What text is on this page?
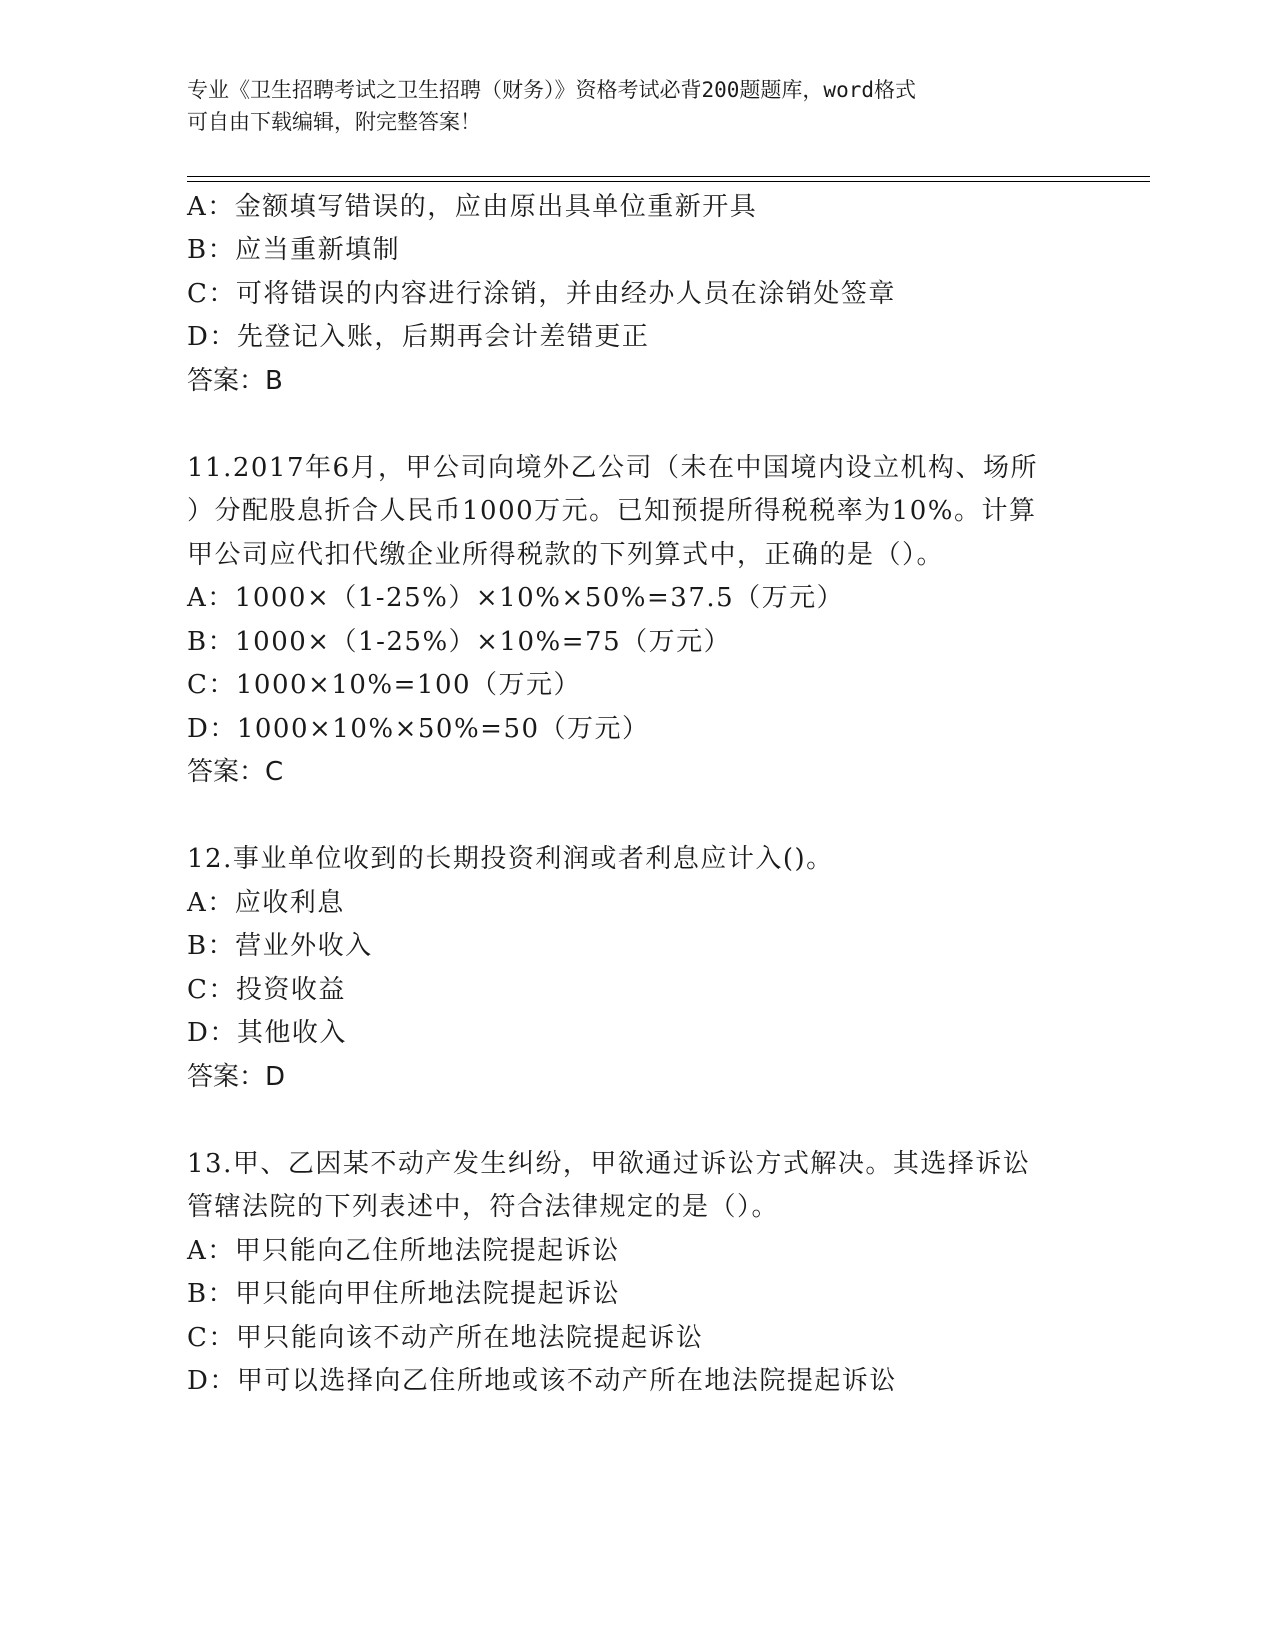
专业《卫生招聘考试之卫生招聘（财务）》资格考试必背200题题库，word格式
可自由下载编辑，附完整答案！
A：金额填写错误的，应由原出具单位重新开具
B：应当重新填制
C：可将错误的内容进行涂销，并由经办人员在涂销处签章
D：先登记入账，后期再会计差错更正
答案：B
11.2017年6月，甲公司向境外乙公司（未在中国境内设立机构、场所
）分配股息折合人民币1000万元。已知预提所得税税率为10%。计算
甲公司应代扣代缴企业所得税款的下列算式中，正确的是（）。
A：1000×（1-25%）×10%×50%=37.5（万元）
B：1000×（1-25%）×10%=75（万元）
C：1000×10%=100（万元）
D：1000×10%×50%=50（万元）
答案：C
12.事业单位收到的长期投资利润或者利息应计入()。
A：应收利息
B：营业外收入
C：投资收益
D：其他收入
答案：D
13.甲、乙因某不动产发生纠纷，甲欲通过诉讼方式解决。其选择诉讼
管辖法院的下列表述中，符合法律规定的是（）。
A：甲只能向乙住所地法院提起诉讼
B：甲只能向甲住所地法院提起诉讼
C：甲只能向该不动产所在地法院提起诉讼
D：甲可以选择向乙住所地或该不动产所在地法院提起诉讼
